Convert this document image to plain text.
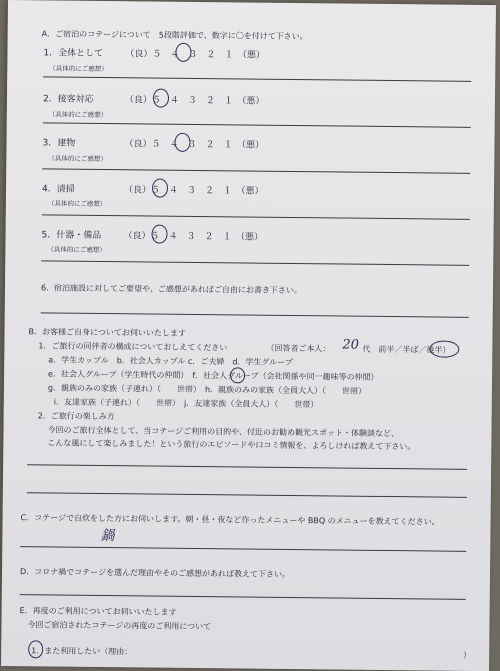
A．ご宿泊のコテージについて　5段階評価で、数字に〇を付けて下さい。
1．全体として （良）５　４　３　２　１　（悪）
（具体的にご感想）
2．接客対応	（良）５　４　３　２　１　（悪）
（具体的にご感想）
3．建物	（良）５　４　３　２　１　（悪）
（具体的にご感想）
4．清掃	（良）５　４　３　２　１　（悪）
（具体的にご感想）
5．什器・備品 （良）５　４　３　２　１　（悪）
（具体的にご感想）
6．宿泊施設に対してご要望や、ご感想があればご自由にお書き下さい。
B．お客様ご自身についてお伺いいたします
1．ご旅行の同伴者の構成についておしえてください	（回答者ご本人： 20 代　前半／半ば／後半）
a．学生カップル　b．社会人カップル c．ご夫婦　d．学生グループ
e．社会人グループ（学生時代の仲間）　f．社会人グループ（会社関係や同一趣味等の仲間）
g．親族のみの家族（子連れ）（　　世帯）　h．親族のみの家族（全員大人）（　　世帯）
i．友達家族（子連れ）（　　世帯）　j．友達家族（全員大人）（　　世帯）
2．ご旅行の楽しみ方
今回のご旅行全体として、当コテージご利用の目的や、付近のお勧め観光スポット・体験談など、
こんな風にして楽しみました！という旅行のエピソードや口コミ情報を、よろしければ教えて下さい。
C．コテージで自炊をした方にお伺いします。朝・昼・夜など作ったメニューや BBQ のメニューを教えてください。
鍋
D．コロナ禍でコテージを選んだ理由やそのご感想があれば教えて下さい。
E．再度のご利用についてお伺いいたします
今回ご宿泊されたコテージの再度のご利用について
1．また利用したい（理由：	）
